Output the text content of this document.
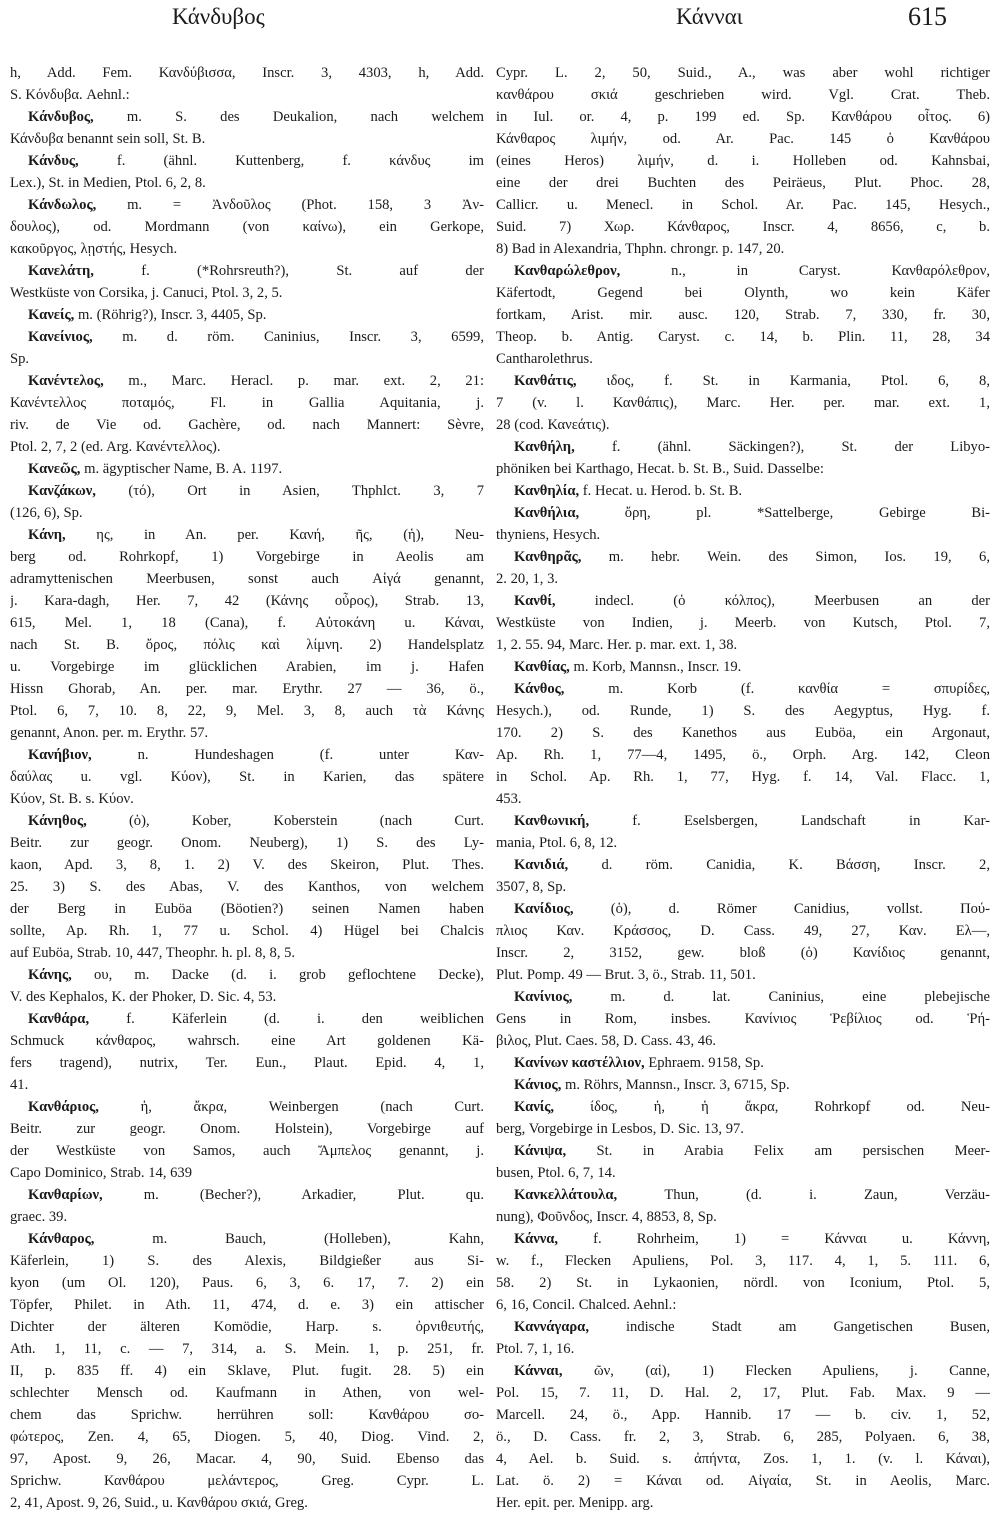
Κάνδυβος	Κάνναι	615
h, Add. Fem. Κανδύβισσα, Inscr. 3, 4303, h, Add.
S. Κόνδυβα. Aehnl.:
Κάνδυβος, m. S. des Deukalion, nach welchem
Κάνδυβα benannt sein soll, St. B.
Κάνδυς, f. (ähnl. Kuttenberg, f. κάνδυς im
Lex.), St. in Medien, Ptol. 6, 2, 8.
Κάνδωλος, m. = Ἀνδοῦλος (Phot. 158, 3 Ἀν-
δουλος), od. Mordmann (von καίνω), ein Gerkope,
κακοῦργος, λῃστής, Hesych.
Κανελάτη, f. (*Rohrsreuth?), St. auf der
Westküste von Corsika, j. Canuci, Ptol. 3, 2, 5.
Κανείς, m. (Röhrig?), Inscr. 3, 4405, Sp.
Κανείνιος, m. d. röm. Caninius, Inscr. 3, 6599,
Sp.
Κανέντελος, m., Marc. Heracl. p. mar. ext. 2, 21:
Κανέντελλος ποταμός, Fl. in Gallia Aquitania, j.
riv. de Vie od. Gachère, od. nach Mannert: Sèvre,
Ptol. 2, 7, 2 (ed. Arg. Κανέντελλος).
Κανεῶς, m. ägyptischer Name, B. A. 1197.
Κανζάκων, (τό), Ort in Asien, Thphlct. 3, 7
(126, 6), Sp.
Κάνη, ης, in An. per. Κανή, ῆς, (ἡ), Neu-
berg od. Rohrkopf, 1) Vorgebirge in Aeolis am
adramyttenischen Meerbusen, sonst auch Αἰγά genannt,
j. Kara-dagh, Her. 7, 42 (Κάνης οὖρος), Strab. 13,
615, Mel. 1, 18 (Cana), f. Αὐτοκάνη u. Κάναι,
nach St. B. ὄρος, πόλις καὶ λίμνη. 2) Handelsplatz
u. Vorgebirge im glücklichen Arabien, im j. Hafen
Hissn Ghorab, An. per. mar. Erythr. 27 — 36, ö.,
Ptol. 6, 7, 10. 8, 22, 9, Mel. 3, 8, auch τὰ Κάνης
genannt, Anon. per. m. Erythr. 57.
Κανήβιον, n. Hundeshagen (f. unter Καν-
δαύλας u. vgl. Κύον), St. in Karien, das spätere
Κύον, St. B. s. Κύον.
Κάνηθος, (ὁ), Kober, Koberstein (nach Curt.
Beitr. zur geogr. Onom. Neuberg), 1) S. des Ly-
kaon, Apd. 3, 8, 1. 2) V. des Skeiron, Plut. Thes.
25. 3) S. des Abas, V. des Kanthos, von welchem
der Berg in Euböa (Böotien?) seinen Namen haben
sollte, Ap. Rh. 1, 77 u. Schol. 4) Hügel bei Chalcis
auf Euböa, Strab. 10, 447, Theophr. h. pl. 8, 8, 5.
Κάνης, ου, m. Dacke (d. i. grob geflochtene Decke),
V. des Kephalos, K. der Phoker, D. Sic. 4, 53.
Κανθάρα, f. Käferlein (d. i. den weiblichen
Schmuck κάνθαρος, wahrsch. eine Art goldenen Kä-
fers tragend), nutrix, Ter. Eun., Plaut. Epid. 4, 1,
41.
Κανθάριος, ἡ, ἄκρα, Weinbergen (nach Curt.
Beitr. zur geogr. Onom. Holstein), Vorgebirge auf
der Westküste von Samos, auch Ἄμπελος genannt, j.
Capo Dominico, Strab. 14, 639
Κανθαρίων, m. (Becher?), Arkadier, Plut. qu.
graec. 39.
Κάνθαρος, m. Bauch, (Holleben), Kahn,
Käferlein, 1) S. des Alexis, Bildgießer aus Si-
kyon (um Ol. 120), Paus. 6, 3, 6. 17, 7. 2) ein
Töpfer, Philet. in Ath. 11, 474, d. e. 3) ein attischer
Dichter der älteren Komödie, Harp. s. ὀρνιθευτής,
Ath. 1, 11, c. — 7, 314, a. S. Mein. 1, p. 251, fr.
II, p. 835 ff. 4) ein Sklave, Plut. fugit. 28. 5) ein
schlechter Mensch od. Kaufmann in Athen, von wel-
chem das Sprichw. herrühren soll: Κανθάρου σο-
φώτερος, Zen. 4, 65, Diogen. 5, 40, Diog. Vind. 2,
97, Apost. 9, 26, Macar. 4, 90, Suid. Ebenso das
Sprichw. Κανθάρου μελάντερος, Greg. Cypr. L.
2, 41, Apost. 9, 26, Suid., u. Κανθάρου σκιά, Greg.
Cypr. L. 2, 50, Suid., A., was aber wohl richtiger
κανθάρου σκιά geschrieben wird. Vgl. Crat. Theb.
in Iul. or. 4, p. 199 ed. Sp. Κανθάρου οἶτος. 6)
Κάνθαρος λιμήν, od. Ar. Pac. 145 ὁ Κανθάρου
(eines Heros) λιμήν, d. i. Holleben od. Kahnsbai,
eine der drei Buchten des Peiräeus, Plut. Phoc. 28,
Callicr. u. Menecl. in Schol. Ar. Pac. 145, Hesych.,
Suid. 7) Χωρ. Κάνθαρος, Inscr. 4, 8656, c, b.
8) Bad in Alexandria, Thphn. chrongr. p. 147, 20.
Κανθαρώλεθρον, n., in Caryst. Κανθαρόλεθρον,
Käfertodt, Gegend bei Olynth, wo kein Käfer
fortkam, Arist. mir. ausc. 120, Strab. 7, 330, fr. 30,
Theop. b. Antig. Caryst. c. 14, b. Plin. 11, 28, 34
Cantharolethrus.
Κανθάτις, ιδος, f. St. in Karmania, Ptol. 6, 8,
7 (v. l. Κανθάπις), Marc. Her. per. mar. ext. 1,
28 (cod. Κανεάτις).
Κανθήλη, f. (ähnl. Säckingen?), St. der Libyo-
phöniken bei Karthago, Hecat. b. St. B., Suid. Dasselbe:
Κανθηλία, f. Hecat. u. Herod. b. St. B.
Κανθήλια, ὄρη, pl. *Sattelberge, Gebirge Bi-
thyniens, Hesych.
Κανθηρᾶς, m. hebr. Wein. des Simon, Ios. 19, 6,
2. 20, 1, 3.
Κανθί, indecl. (ὁ κόλπος), Meerbusen an der
Westküste von Indien, j. Meerb. von Kutsch, Ptol. 7,
1, 2. 55. 94, Marc. Her. p. mar. ext. 1, 38.
Κανθίας, m. Korb, Mannsn., Inscr. 19.
Κάνθος, m. Korb (f. κανθία = σπυρίδες,
Hesych.), od. Runde, 1) S. des Aegyptus, Hyg. f.
170. 2) S. des Kanethos aus Euböa, ein Argonaut,
Ap. Rh. 1, 77—4, 1495, ö., Orph. Arg. 142, Cleon
in Schol. Ap. Rh. 1, 77, Hyg. f. 14, Val. Flacc. 1,
453.
Κανθωνική, f. Eselsbergen, Landschaft in Kar-
mania, Ptol. 6, 8, 12.
Κανιδιά, d. röm. Canidia, K. Βάσση, Inscr. 2,
3507, 8, Sp.
Κανίδιος, (ὁ), d. Römer Canidius, vollst. Πού-
πλιος Καν. Κράσσος, D. Cass. 49, 27, Καν. Ελ—,
Inscr. 2, 3152, gew. bloß (ὁ) Κανίδιος genannt,
Plut. Pomp. 49 — Brut. 3, ö., Strab. 11, 501.
Κανίνιος, m. d. lat. Caninius, eine plebejische
Gens in Rom, insbes. Κανίνιος Ῥεβίλιος od. Ῥή-
βιλος, Plut. Caes. 58, D. Cass. 43, 46.
Κανίνων καστέλλιον, Ephraem. 9158, Sp.
Κάνιος, m. Röhrs, Mannsn., Inscr. 3, 6715, Sp.
Κανίς, ίδος, ἡ, ἡ ἄκρα, Rohrkopf od. Neu-
berg, Vorgebirge in Lesbos, D. Sic. 13, 97.
Κάνιψα, St. in Arabia Felix am persischen Meer-
busen, Ptol. 6, 7, 14.
Κανκελλάτουλα, Thun, (d. i. Zaun, Verzäu-
nung), Φοῦνδος, Inscr. 4, 8853, 8, Sp.
Κάννα, f. Rohrheim, 1) = Κάνναι u. Κάννη,
w. f., Flecken Apuliens, Pol. 3, 117. 4, 1, 5. 111. 6,
58. 2) St. in Lykaonien, nördl. von Iconium, Ptol. 5,
6, 16, Concil. Chalced. Aehnl.:
Καννάγαρα, indische Stadt am Gangetischen Busen,
Ptol. 7, 1, 16.
Κάνναι, ῶν, (αἱ), 1) Flecken Apuliens, j. Canne,
Pol. 15, 7. 11, D. Hal. 2, 17, Plut. Fab. Max. 9 —
Marcell. 24, ö., App. Hannib. 17 — b. civ. 1, 52,
ö., D. Cass. fr. 2, 3, Strab. 6, 285, Polyaen. 6, 38,
4, Ael. b. Suid. s. ἀπήντα, Zos. 1, 1. (v. l. Κάναι),
Lat. ö. 2) = Κάναι od. Αἰγαία, St. in Aeolis, Marc.
Her. epit. per. Menipp. arg.
